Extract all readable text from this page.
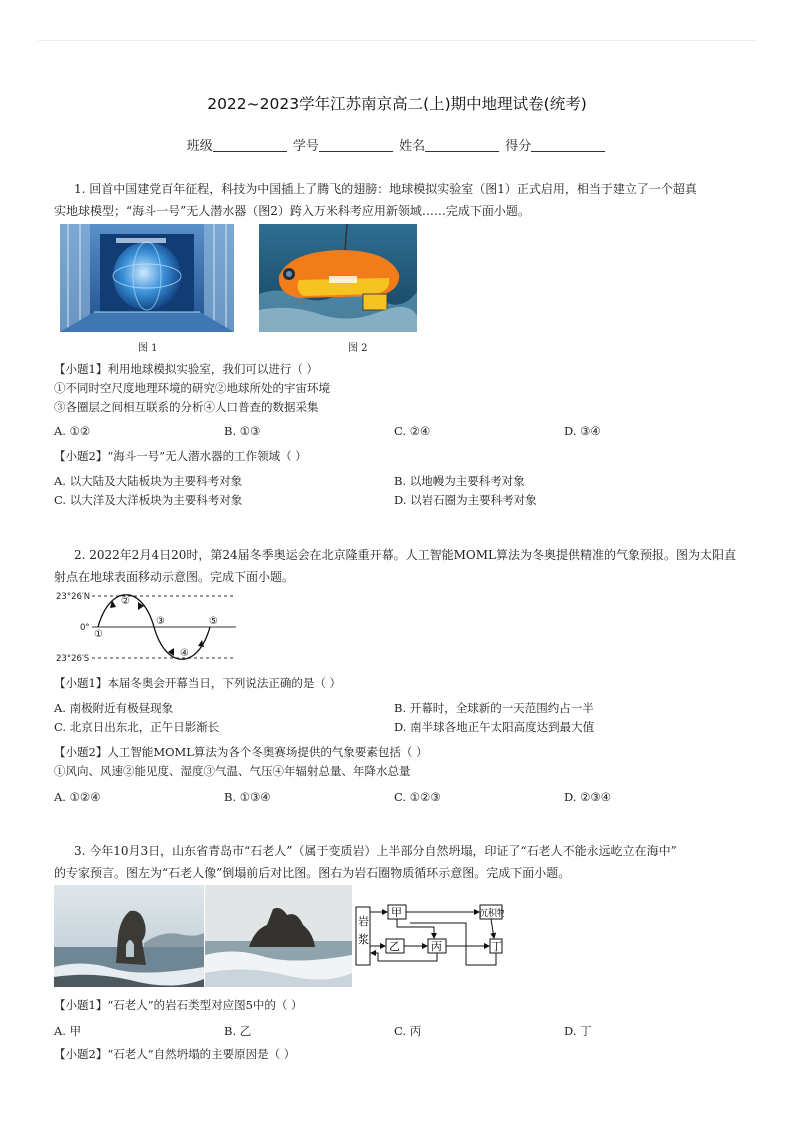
2022~2023学年江苏南京高二(上)期中地理试卷(统考)
班级	学号	姓名	得分
1. 回首中国建党百年征程，科技为中国插上了腾飞的翅膀：地球模拟实验室（图1）正式启用，相当于建立了一个超真
实地球模型；“海斗一号”无人潜水器（图2）跨入万米科考应用新领域……完成下面小题。
图 1	图 2
【小题1】利用地球模拟实验室，我们可以进行（ ）
①不同时空尺度地理环境的研究②地球所处的宇宙环境
③各圈层之间相互联系的分析④人口普查的数据采集
A. ①②	B. ①③	C. ②④	D. ③④
【小题2】“海斗一号”无人潜水器的工作领域（ ）
A. 以大陆及大陆板块为主要科考对象	B. 以地幔为主要科考对象
C. 以大洋及大洋板块为主要科考对象	D. 以岩石圈为主要科考对象
2. 2022年2月4日20时，第24届冬季奥运会在北京隆重开幕。人工智能MOML算法为冬奥提供精准的气象预报。图为太阳直
射点在地球表面移动示意图。完成下面小题。
23°26′N
0°
23°26′S
①
②
③
④
⑤
【小题1】本届冬奥会开幕当日，下列说法正确的是（ ）
A. 南极附近有极昼现象	B. 开幕时，全球新的一天范围约占一半
C. 北京日出东北，正午日影渐长	D. 南半球各地正午太阳高度达到最大值
【小题2】人工智能MOML算法为各个冬奥赛场提供的气象要素包括（ ）
①风向、风速②能见度、湿度③气温、气压④年辐射总量、年降水总量
A. ①②④	B. ①③④	C. ①②③	D. ②③④
3. 今年10月3日，山东省青岛市“石老人”（属于变质岩）上半部分自然坍塌，印证了“石老人不能永远屹立在海中”
的专家预言。图左为“石老人像”倒塌前后对比图。图右为岩石圈物质循环示意图。完成下面小题。
岩
浆
甲
乙	丙
沉积物
丁
【小题1】“石老人”的岩石类型对应图5中的（ ）
A. 甲	B. 乙	C. 丙	D. 丁
【小题2】“石老人”自然坍塌的主要原因是（ ）
